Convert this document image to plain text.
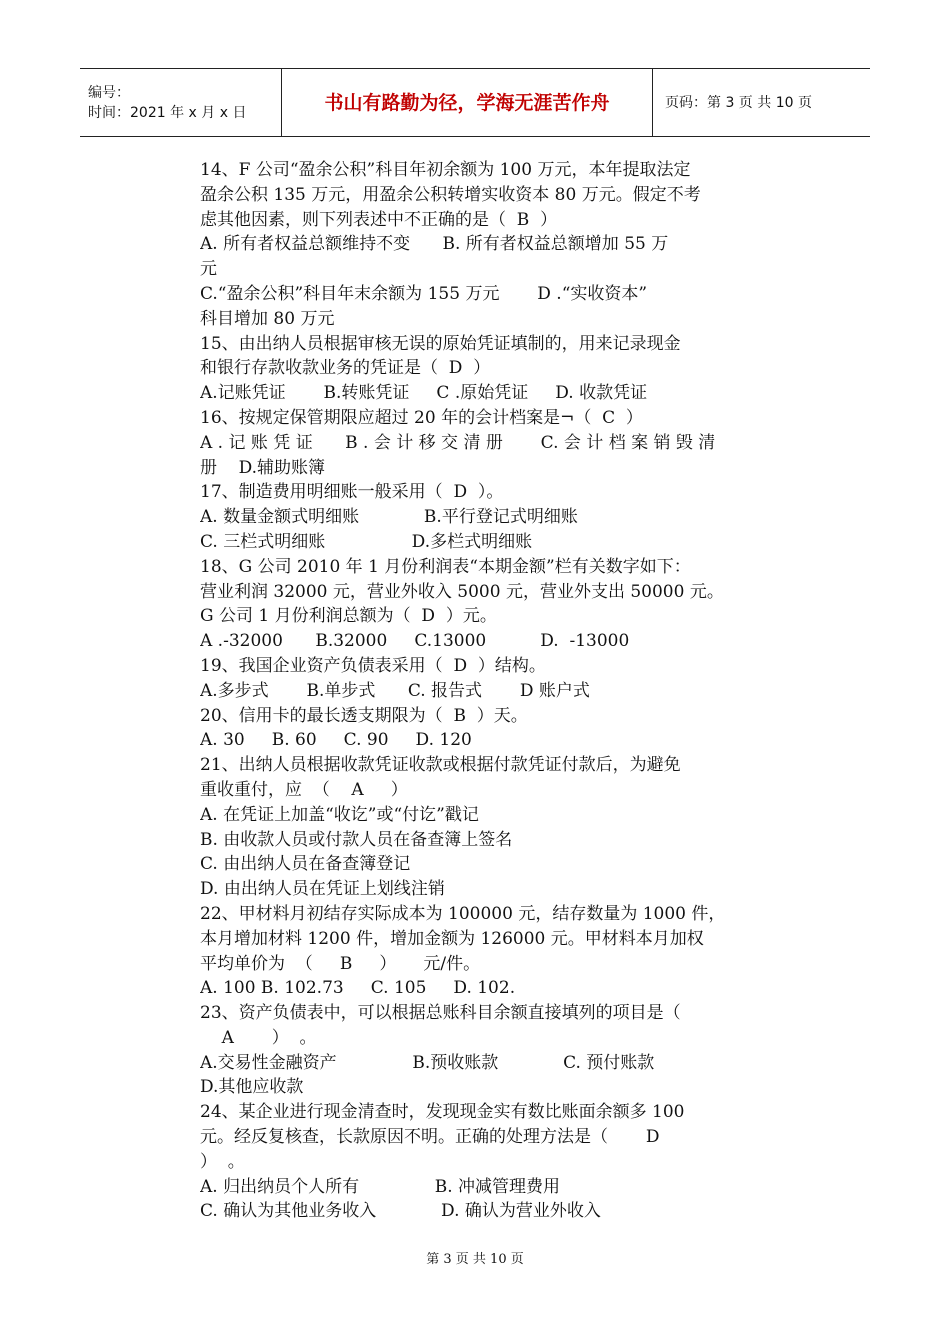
编号：
时间：2021 年 x 月 x 日	书山有路勤为径，学海无涯苦作舟	页码：第 3 页 共 10 页
14、F 公司“盈余公积”科目年初余额为 100 万元，本年提取法定
盈余公积 135 万元，用盈余公积转增实收资本 80 万元。假定不考
虑其他因素，则下列表述中不正确的是（  B  ）
A. 所有者权益总额维持不变      B. 所有者权益总额增加 55 万
元
C.“盈余公积”科目年末余额为 155 万元       D .“实收资本”
科目增加 80 万元
15、由出纳人员根据审核无误的原始凭证填制的，用来记录现金
和银行存款收款业务的凭证是（  D  ）
A.记账凭证       B.转账凭证     C .原始凭证     D. 收款凭证
16、按规定保管期限应超过 20 年的会计档案是¬（  C  ）
A . 记 账 凭 证      B . 会 计 移 交 清 册       C. 会 计 档 案 销 毁 清
册    D.辅助账簿
17、制造费用明细账一般采用（  D  ）。
A. 数量金额式明细账            B.平行登记式明细账
C. 三栏式明细账                D.多栏式明细账
18、G 公司 2010 年 1 月份利润表“本期金额”栏有关数字如下：
营业利润 32000 元，营业外收入 5000 元，营业外支出 50000 元。
G 公司 1 月份利润总额为（  D  ）元。
A .-32000      B.32000     C.13000          D.  -13000
19、我国企业资产负债表采用（  D  ）结构。
A.多步式       B.单步式      C. 报告式       D 账户式
20、信用卡的最长透支期限为（  B  ）天。
A. 30     B. 60     C. 90     D. 120
21、出纳人员根据收款凭证收款或根据付款凭证付款后，为避免
重收重付，应  （    A     ）
A. 在凭证上加盖“收讫”或“付讫”戳记
B. 由收款人员或付款人员在备查簿上签名
C. 由出纳人员在备查簿登记
D. 由出纳人员在凭证上划线注销
22、甲材料月初结存实际成本为 100000 元，结存数量为 1000 件，
本月增加材料 1200 件，增加金额为 126000 元。甲材料本月加权
平均单价为  （     B     ）     元/件。
A. 100 B. 102.73     C. 105     D. 102.
23、资产负债表中，可以根据总账科目余额直接填列的项目是（
A       ）  。
A.交易性金融资产              B.预收账款            C. 预付账款
D.其他应收款
24、某企业进行现金清查时，发现现金实有数比账面余额多 100
元。经反复核查，长款原因不明。正确的处理方法是（       D
）  。
A. 归出纳员个人所有              B. 冲减管理费用
C. 确认为其他业务收入            D. 确认为营业外收入
第 3 页 共 10 页
